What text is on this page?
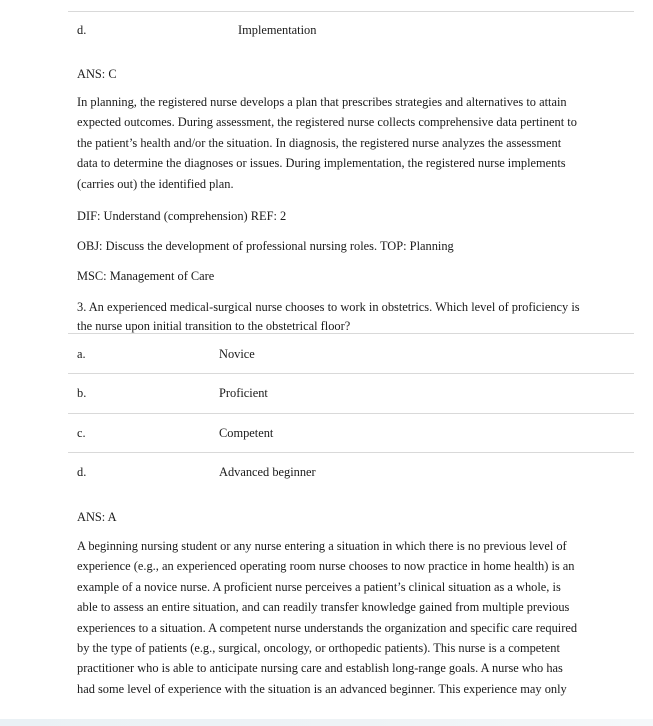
d.	Implementation
ANS: C
In planning, the registered nurse develops a plan that prescribes strategies and alternatives to attain
expected outcomes. During assessment, the registered nurse collects comprehensive data pertinent to
the patient’s health and/or the situation. In diagnosis, the registered nurse analyzes the assessment
data to determine the diagnoses or issues. During implementation, the registered nurse implements
(carries out) the identified plan.
DIF: Understand (comprehension) REF: 2
OBJ: Discuss the development of professional nursing roles. TOP: Planning
MSC: Management of Care
3. An experienced medical-surgical nurse chooses to work in obstetrics. Which level of proficiency is
the nurse upon initial transition to the obstetrical floor?
a.	Novice
b.	Proficient
c.	Competent
d.	Advanced beginner
ANS: A
A beginning nursing student or any nurse entering a situation in which there is no previous level of
experience (e.g., an experienced operating room nurse chooses to now practice in home health) is an
example of a novice nurse. A proficient nurse perceives a patient’s clinical situation as a whole, is
able to assess an entire situation, and can readily transfer knowledge gained from multiple previous
experiences to a situation. A competent nurse understands the organization and specific care required
by the type of patients (e.g., surgical, oncology, or orthopedic patients). This nurse is a competent
practitioner who is able to anticipate nursing care and establish long-range goals. A nurse who has
had some level of experience with the situation is an advanced beginner. This experience may only
